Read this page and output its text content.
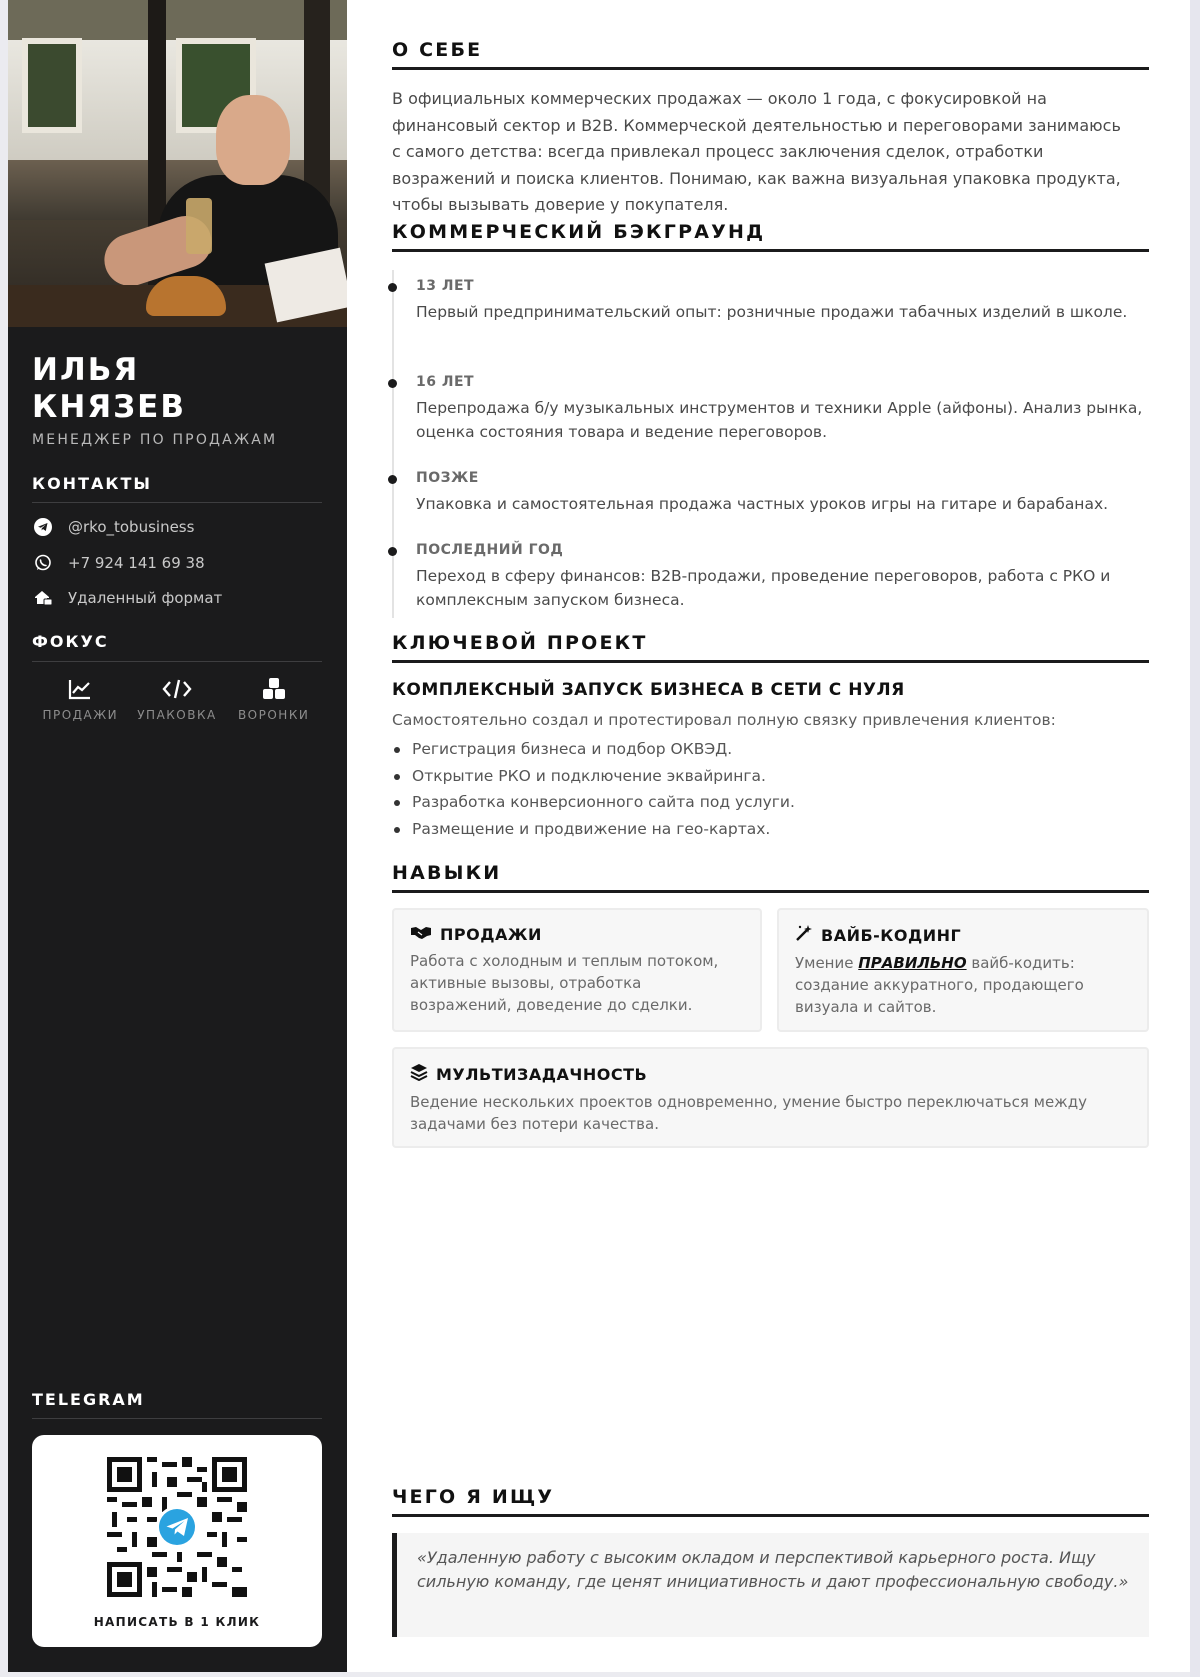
ИЛЬЯ
КНЯЗЕВ
МЕНЕДЖЕР ПО ПРОДАЖАМ
КОНТАКТЫ
@rko_tobusiness
+7 924 141 69 38
Удаленный формат
ФОКУС
ПРОДАЖИ	УПАКОВКА	ВОРОНКИ
TELEGRAM
НАПИСАТЬ В 1 КЛИК
О СЕБЕ
В официальных коммерческих продажах — около 1 года, с фокусировкой на финансовый сектор и B2B. Коммерческой деятельностью и переговорами занимаюсь с самого детства: всегда привлекал процесс заключения сделок, отработки возражений и поиска клиентов. Понимаю, как важна визуальная упаковка продукта, чтобы вызывать доверие у покупателя.
КОММЕРЧЕСКИЙ БЭКГРАУНД
13 ЛЕТ
Первый предпринимательский опыт: розничные продажи табачных изделий в школе.
16 ЛЕТ
Перепродажа б/у музыкальных инструментов и техники Apple (айфоны). Анализ рынка, оценка состояния товара и ведение переговоров.
ПОЗЖЕ
Упаковка и самостоятельная продажа частных уроков игры на гитаре и барабанах.
ПОСЛЕДНИЙ ГОД
Переход в сферу финансов: B2B-продажи, проведение переговоров, работа с РКО и комплексным запуском бизнеса.
КЛЮЧЕВОЙ ПРОЕКТ
КОМПЛЕКСНЫЙ ЗАПУСК БИЗНЕСА В СЕТИ С НУЛЯ
Самостоятельно создал и протестировал полную связку привлечения клиентов:
Регистрация бизнеса и подбор ОКВЭД.
Открытие РКО и подключение эквайринга.
Разработка конверсионного сайта под услуги.
Размещение и продвижение на гео-картах.
НАВЫКИ
ПРОДАЖИ
Работа с холодным и теплым потоком, активные вызовы, отработка возражений, доведение до сделки.
ВАЙБ-КОДИНГ
Умение ПРАВИЛЬНО вайб-кодить: создание аккуратного, продающего визуала и сайтов.
МУЛЬТИЗАДАЧНОСТЬ
Ведение нескольких проектов одновременно, умение быстро переключаться между задачами без потери качества.
ЧЕГО Я ИЩУ
«Удаленную работу с высоким окладом и перспективой карьерного роста. Ищу сильную команду, где ценят инициативность и дают профессиональную свободу.»
